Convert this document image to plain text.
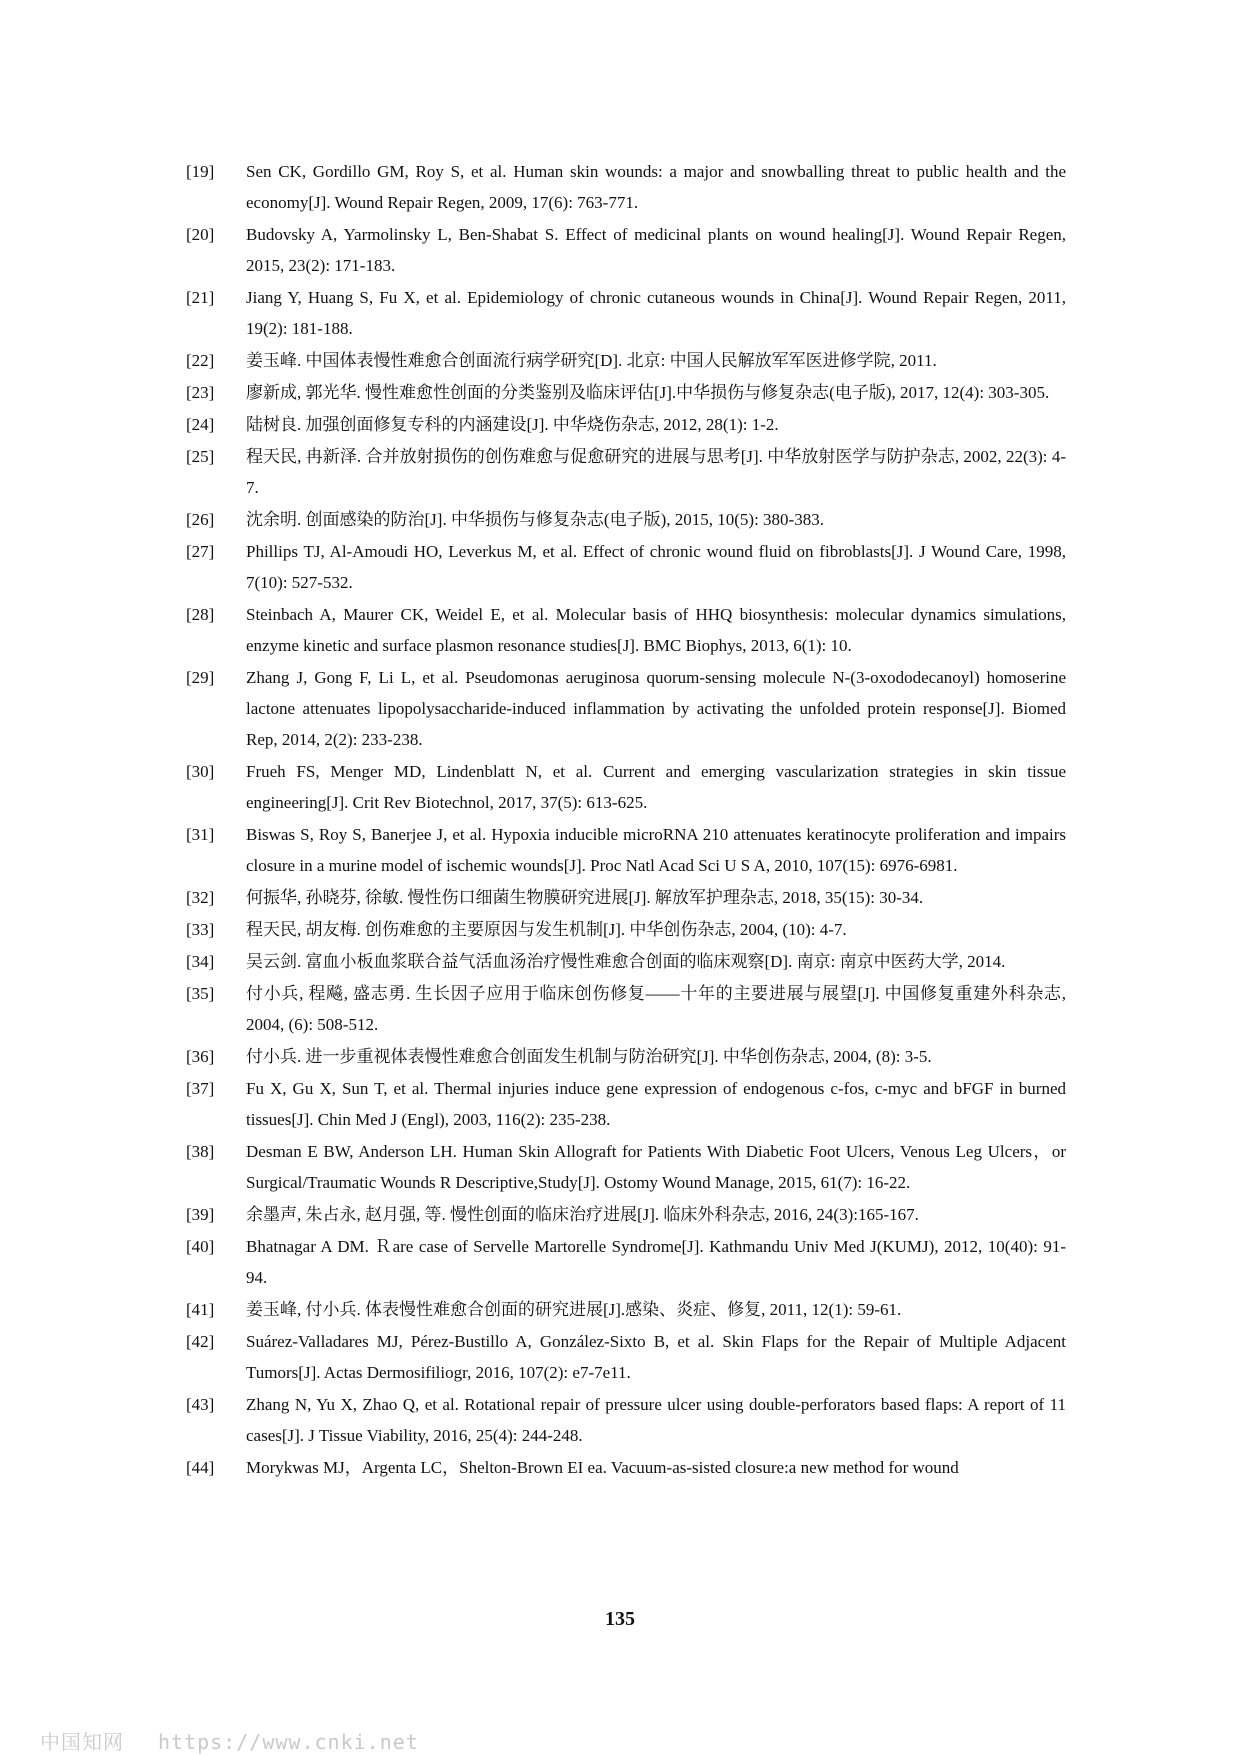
[19]	Sen CK, Gordillo GM, Roy S, et al. Human skin wounds: a major and snowballing threat to public health and the economy[J]. Wound Repair Regen, 2009, 17(6): 763-771.
[20]	Budovsky A, Yarmolinsky L, Ben-Shabat S. Effect of medicinal plants on wound healing[J]. Wound Repair Regen, 2015, 23(2): 171-183.
[21]	Jiang Y, Huang S, Fu X, et al. Epidemiology of chronic cutaneous wounds in China[J]. Wound Repair Regen, 2011, 19(2): 181-188.
[22]	姜玉峰. 中国体表慢性难愈合创面流行病学研究[D]. 北京: 中国人民解放军军医进修学院, 2011.
[23]	廖新成, 郭光华. 慢性难愈性创面的分类鉴别及临床评估[J].中华损伤与修复杂志(电子版), 2017, 12(4): 303-305.
[24]	陆树良. 加强创面修复专科的内涵建设[J]. 中华烧伤杂志, 2012, 28(1): 1-2.
[25]	程天民, 冉新泽. 合并放射损伤的创伤难愈与促愈研究的进展与思考[J]. 中华放射医学与防护杂志, 2002, 22(3): 4-7.
[26]	沈余明. 创面感染的防治[J]. 中华损伤与修复杂志(电子版), 2015, 10(5): 380-383.
[27]	Phillips TJ, Al-Amoudi HO, Leverkus M, et al. Effect of chronic wound fluid on fibroblasts[J]. J Wound Care, 1998, 7(10): 527-532.
[28]	Steinbach A, Maurer CK, Weidel E, et al. Molecular basis of HHQ biosynthesis: molecular dynamics simulations, enzyme kinetic and surface plasmon resonance studies[J]. BMC Biophys, 2013, 6(1): 10.
[29]	Zhang J, Gong F, Li L, et al. Pseudomonas aeruginosa quorum-sensing molecule N-(3-oxododecanoyl) homoserine lactone attenuates lipopolysaccharide-induced inflammation by activating the unfolded protein response[J]. Biomed Rep, 2014, 2(2): 233-238.
[30]	Frueh FS, Menger MD, Lindenblatt N, et al. Current and emerging vascularization strategies in skin tissue engineering[J]. Crit Rev Biotechnol, 2017, 37(5): 613-625.
[31]	Biswas S, Roy S, Banerjee J, et al. Hypoxia inducible microRNA 210 attenuates keratinocyte proliferation and impairs closure in a murine model of ischemic wounds[J]. Proc Natl Acad Sci U S A, 2010, 107(15): 6976-6981.
[32]	何振华, 孙晓芬, 徐敏. 慢性伤口细菌生物膜研究进展[J]. 解放军护理杂志, 2018, 35(15): 30-34.
[33]	程天民, 胡友梅. 创伤难愈的主要原因与发生机制[J]. 中华创伤杂志, 2004, (10): 4-7.
[34]	吴云剑. 富血小板血浆联合益气活血汤治疗慢性难愈合创面的临床观察[D]. 南京: 南京中医药大学, 2014.
[35]	付小兵, 程飚, 盛志勇. 生长因子应用于临床创伤修复——十年的主要进展与展望[J]. 中国修复重建外科杂志, 2004, (6): 508-512.
[36]	付小兵. 进一步重视体表慢性难愈合创面发生机制与防治研究[J]. 中华创伤杂志, 2004, (8): 3-5.
[37]	Fu X, Gu X, Sun T, et al. Thermal injuries induce gene expression of endogenous c-fos, c-myc and bFGF in burned tissues[J]. Chin Med J (Engl), 2003, 116(2): 235-238.
[38]	Desman E BW, Anderson LH. Human Skin Allograft for Patients With Diabetic Foot Ulcers, Venous Leg Ulcers，or Surgical/Traumatic Wounds R Descriptive,Study[J]. Ostomy Wound Manage, 2015, 61(7): 16-22.
[39]	余墨声, 朱占永, 赵月强, 等. 慢性创面的临床治疗进展[J]. 临床外科杂志, 2016, 24(3):165-167.
[40]	Bhatnagar A DM. Ｒare case of Servelle Martorelle Syndrome[J]. Kathmandu Univ Med J(KUMJ), 2012, 10(40): 91-94.
[41]	姜玉峰, 付小兵. 体表慢性难愈合创面的研究进展[J].感染、炎症、修复, 2011, 12(1): 59-61.
[42]	Suárez-Valladares MJ, Pérez-Bustillo A, González-Sixto B, et al. Skin Flaps for the Repair of Multiple Adjacent Tumors[J]. Actas Dermosifiliogr, 2016, 107(2): e7-7e11.
[43]	Zhang N, Yu X, Zhao Q, et al. Rotational repair of pressure ulcer using double-perforators based flaps: A report of 11 cases[J]. J Tissue Viability, 2016, 25(4): 244-248.
[44]	Morykwas MJ，Argenta LC，Shelton-Brown EI ea. Vacuum-as-sisted closure:a new method for wound
135
中国知网 https://www.cnki.net
